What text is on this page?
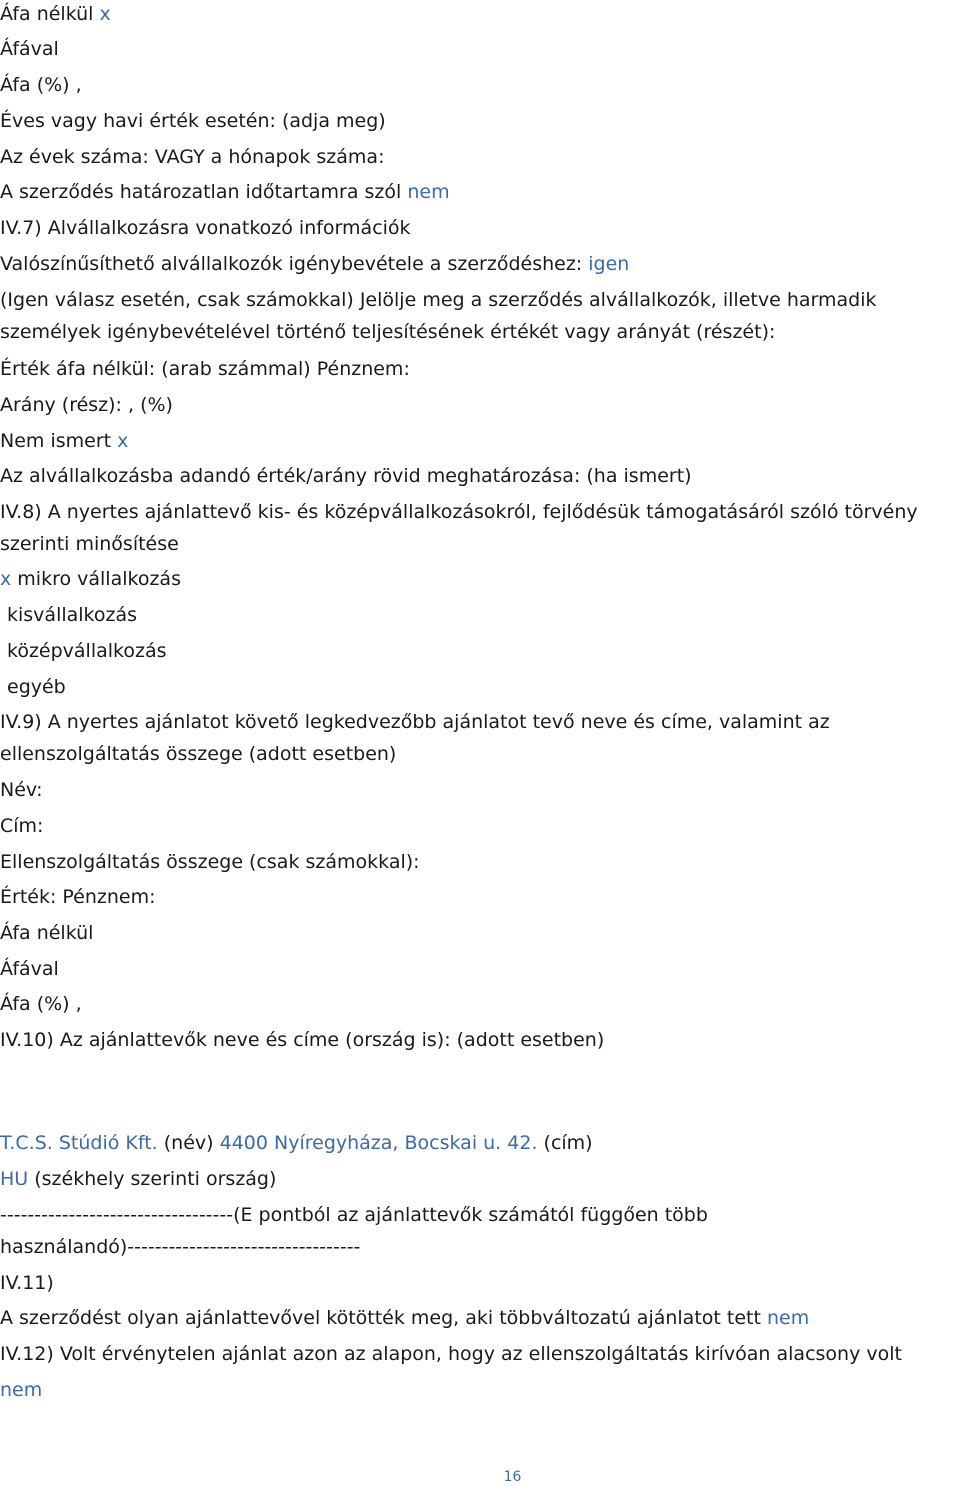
Áfa nélkül x
Áfával
Áfa (%) ,
Éves vagy havi érték esetén: (adja meg)
Az évek száma: VAGY a hónapok száma:
A szerződés határozatlan időtartamra szól nem
IV.7) Alvállalkozásra vonatkozó információk
Valószínűsíthető alvállalkozók igénybevétele a szerződéshez: igen
(Igen válasz esetén, csak számokkal) Jelölje meg a szerződés alvállalkozók, illetve harmadik
személyek igénybevételével történő teljesítésének értékét vagy arányát (részét):
Érték áfa nélkül: (arab számmal) Pénznem:
Arány (rész): , (%)
Nem ismert x
Az alvállalkozásba adandó érték/arány rövid meghatározása: (ha ismert)
IV.8) A nyertes ajánlattevő kis- és középvállalkozásokról, fejlődésük támogatásáról szóló törvény
szerinti minősítése
x mikro vállalkozás
kisvállalkozás
középvállalkozás
egyéb
IV.9) A nyertes ajánlatot követő legkedvezőbb ajánlatot tevő neve és címe, valamint az
ellenszolgáltatás összege (adott esetben)
Név:
Cím:
Ellenszolgáltatás összege (csak számokkal):
Érték: Pénznem:
Áfa nélkül
Áfával
Áfa (%) ,
IV.10) Az ajánlattevők neve és címe (ország is): (adott esetben)
T.C.S. Stúdió Kft. (név) 4400 Nyíregyháza, Bocskai u. 42. (cím)
HU (székhely szerinti ország)
----------------------------------(E pontból az ajánlattevők számától függően több
használandó)----------------------------------
IV.11)
A szerződést olyan ajánlattevővel kötötték meg, aki többváltozatú ajánlatot tett nem
IV.12) Volt érvénytelen ajánlat azon az alapon, hogy az ellenszolgáltatás kirívóan alacsony volt
nem
16
